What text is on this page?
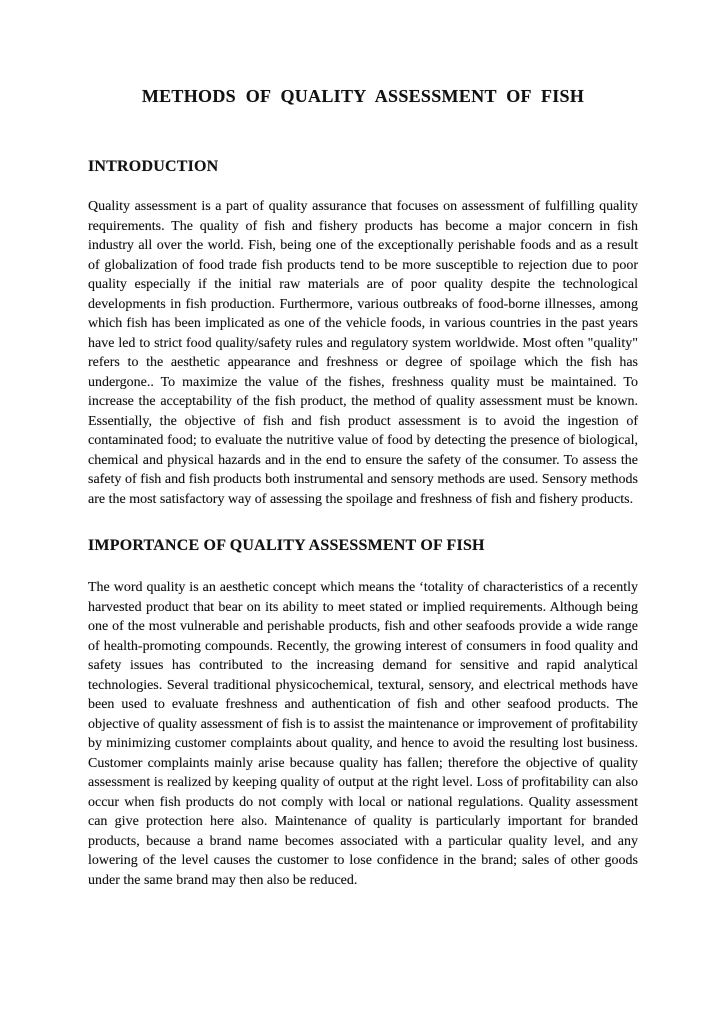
METHODS OF QUALITY ASSESSMENT OF FISH
INTRODUCTION

Quality assessment is a part of quality assurance that focuses on assessment of fulfilling quality requirements. The quality of fish and fishery products has become a major concern in fish industry all over the world. Fish, being one of the exceptionally perishable foods and as a result of globalization of food trade fish products tend to be more susceptible to rejection due to poor quality especially if the initial raw materials are of poor quality despite the technological developments in fish production. Furthermore, various outbreaks of food-borne illnesses, among which fish has been implicated as one of the vehicle foods, in various countries in the past years have led to strict food quality/safety rules and regulatory system worldwide. Most often "quality" refers to the aesthetic appearance and freshness or degree of spoilage which the fish has undergone.. To maximize the value of the fishes, freshness quality must be maintained. To increase the acceptability of the fish product, the method of quality assessment must be known. Essentially, the objective of fish and fish product assessment is to avoid the ingestion of contaminated food; to evaluate the nutritive value of food by detecting the presence of biological, chemical and physical hazards and in the end to ensure the safety of the consumer. To assess the safety of fish and fish products both instrumental and sensory methods are used. Sensory methods are the most satisfactory way of assessing the spoilage and freshness of fish and fishery products.

IMPORTANCE OF QUALITY ASSESSMENT OF FISH

The word quality is an aesthetic concept which means the ‘totality of characteristics of a recently harvested product that bear on its ability to meet stated or implied requirements. Although being one of the most vulnerable and perishable products, fish and other seafoods provide a wide range of health-promoting compounds. Recently, the growing interest of consumers in food quality and safety issues has contributed to the increasing demand for sensitive and rapid analytical technologies. Several traditional physicochemical, textural, sensory, and electrical methods have been used to evaluate freshness and authentication of fish and other seafood products. The objective of quality assessment of fish is to assist the maintenance or improvement of profitability by minimizing customer complaints about quality, and hence to avoid the resulting lost business. Customer complaints mainly arise because quality has fallen; therefore the objective of quality assessment is realized by keeping quality of output at the right level. Loss of profitability can also occur when fish products do not comply with local or national regulations. Quality assessment can give protection here also. Maintenance of quality is particularly important for branded products, because a brand name becomes associated with a particular quality level, and any lowering of the level causes the customer to lose confidence in the brand; sales of other goods under the same brand may then also be reduced.
